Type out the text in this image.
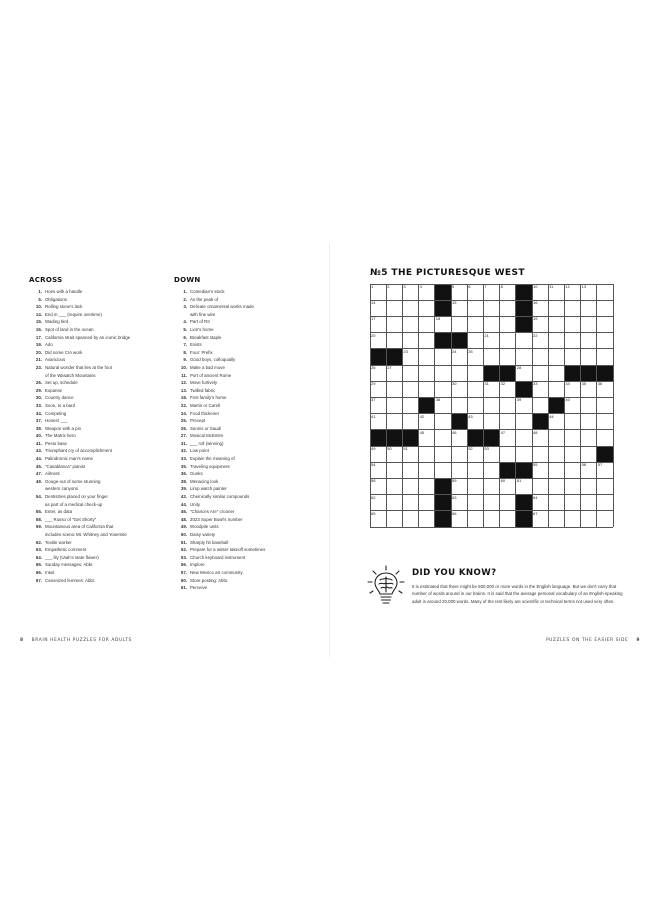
ACROSS
1. Hoes with a handle
5. Obligations
10. Rolling stone's lack
14. End in ___ (require overtime)
15. Wading bird
16. Spot of land in the ocean
17. California strait spanned by an iconic bridge
19. Ado
20. Did some CIA work
21. Avaricious
23. Natural wonder that lies at the foot
of the Wasatch Mountains
26. Set up, schedule
29. Expanse
30. Country dance
33. Soon, to a bard
34. Competing
37. Honest ___
38. Weapon with a pin
40. The Matrix hero
41. Pesto base
43. Triumphant cry of accomplishment
44. Palindromic man's name
45. "Casablanca" pianist
47. Ailment
49. Gouge-out of some stunning
western canyons
54. Dentistries placed on your finger
as part of a medical check-up
55. Enter, as data
58. ___ Russo of "Get Shorty"
59. Mountainous area of California that
includes scenic Mt. Whitney and Yosemite
62. Textile worker
63. Empathetic comment
64. ___ lily (Utah's state flower)
65. Sunday messages: Abbr.
66. Intuit
67. Canonized femmes: Abbr.
DOWN
1. Comedian's stock
2. As the peak of
3. Delicate ornamental works made
with fine wire
4. Part of RII
5. Lion's home
6. Breakfast staple
7. Exists
8. Four: Prefix
9. Good boys, colloquially
10. Make a bad move
11. Port of ancient Rome
12. Move furtively
13. Twilled fabric
18. First family's home
22. Martin or Carell
24. Food thickener
25. Precept
26. Sunnis or Saudi
27. Musical McEntire
31. ___ roll (winning)
32. Low point
33. Explain the meaning of
35. Traveling equipment
36. Gunks
38. Menacing look
39. Limp watch painter
42. Chemically similar compounds
44. Unity
46. "Chances Are" crooner
48. 2023 Super Bowl's number
49. Woodpile units
50. Daisy variety
51. Sharply hit baseball
52. Prepare for a winter takeoff sometimes
53. Church keyboard instrument
56. Implore
57. New Mexico art community
60. Store posting: Abbr.
61. Perceive
8 BRAIN HEALTH PUZZLES FOR ADULTS
№5 THE PICTURESQUE WEST
1	2	3	4	5	6	7	8	10	11	12	13
14	15	16
17	18	19
20	21	22
23	24	25
26	27	28
29	30	31	32	33	34	35	36
37	38	39	40
41	42	43	44
45	46	47	48
49	50	51	52	53
54	55	56	57
58	59	60	61
62	63	64
65	66	67
DID YOU KNOW?
It is estimated that there might be 500,000 or more words in the English language. But we don't carry that number of words around in our brains. It is said that the average personal vocabulary of an English-speaking adult is around 20,000 words. Many of the rest likely are scientific or technical terms not used very often.
PUZZLES ON THE EASIER SIDE 9
